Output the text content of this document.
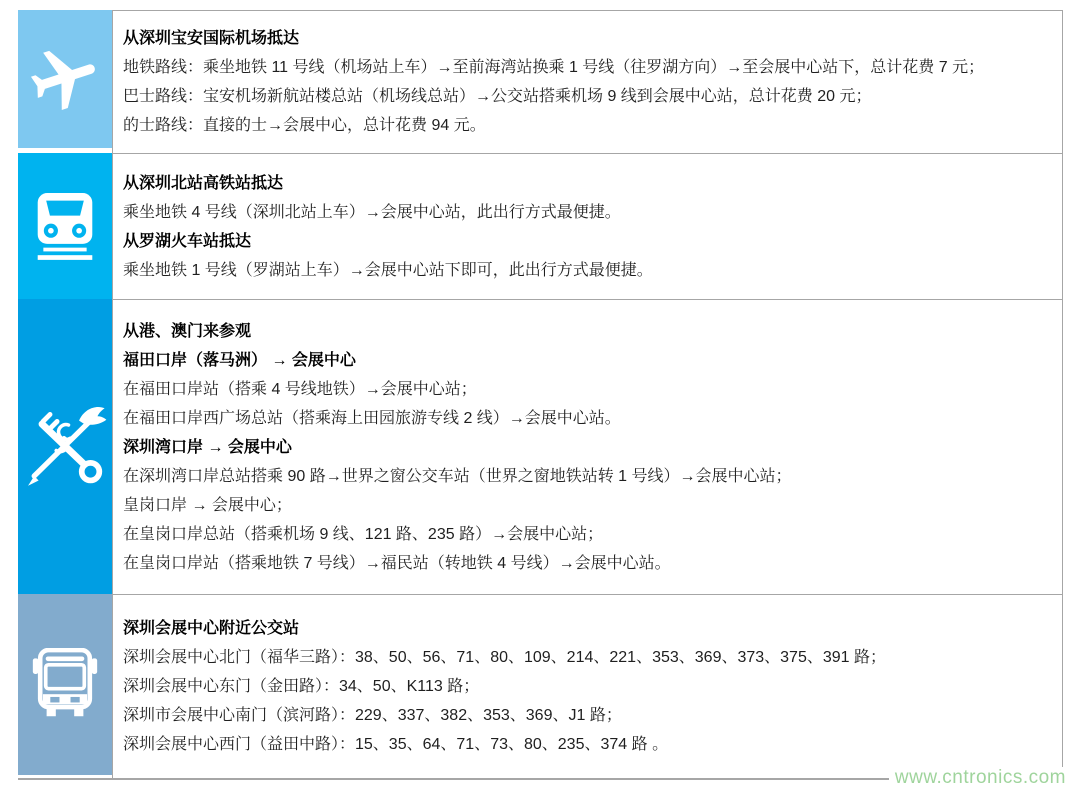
从深圳宝安国际机场抵达
地铁路线：乘坐地铁 11 号线（机场站上车）→至前海湾站换乘 1 号线（往罗湖方向）→至会展中心站下，总计花费 7 元；
巴士路线：宝安机场新航站楼总站（机场线总站）→公交站搭乘机场 9 线到会展中心站，总计花费 20 元；
的士路线：直接的士→会展中心，总计花费 94 元。
从深圳北站高铁站抵达
乘坐地铁 4 号线（深圳北站上车）→会展中心站，此出行方式最便捷。
从罗湖火车站抵达
乘坐地铁 1 号线（罗湖站上车）→会展中心站下即可，此出行方式最便捷。
从港、澳门来参观
福田口岸（落马洲） → 会展中心
在福田口岸站（搭乘 4 号线地铁）→会展中心站；
在福田口岸西广场总站（搭乘海上田园旅游专线 2 线）→会展中心站。
深圳湾口岸 → 会展中心
在深圳湾口岸总站搭乘 90 路→世界之窗公交车站（世界之窗地铁站转 1 号线）→会展中心站；
皇岗口岸 → 会展中心；
在皇岗口岸总站（搭乘机场 9 线、121 路、235 路）→会展中心站；
在皇岗口岸站（搭乘地铁 7 号线）→福民站（转地铁 4 号线）→会展中心站。
深圳会展中心附近公交站
深圳会展中心北门（福华三路）：38、50、56、71、80、109、214、221、353、369、373、375、391 路；
深圳会展中心东门（金田路）：34、50、K113 路；
深圳市会展中心南门（滨河路）：229、337、382、353、369、J1 路；
深圳会展中心西门（益田中路）：15、35、64、71、73、80、235、374 路 。
www.cntronics.com
